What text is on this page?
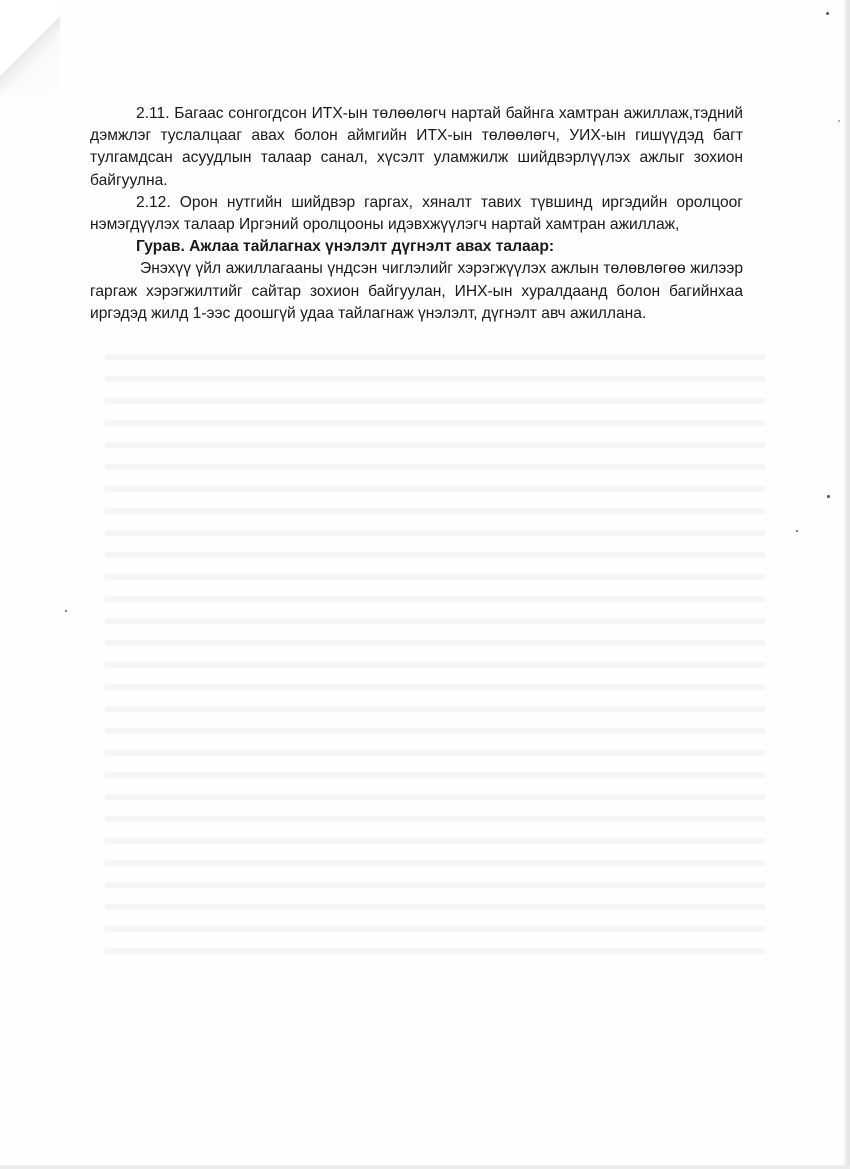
2.11. Багаас сонгогдсон ИТХ-ын төлөөлөгч нартай байнга хамтран ажиллаж,тэдний дэмжлэг туслалцааг авах болон аймгийн ИТХ-ын төлөөлөгч, УИХ-ын гишүүдэд багт тулгамдсан асуудлын талаар санал, хүсэлт уламжилж шийдвэрлүүлэх ажлыг зохион байгуулна.

2.12. Орон нутгийн шийдвэр гаргах, хяналт тавих түвшинд иргэдийн оролцоог нэмэгдүүлэх талаар Иргэний оролцооны идэвхжүүлэгч нартай хамтран ажиллаж,

Гурав. Ажлаа тайлагнах үнэлэлт дүгнэлт авах талаар:

Энэхүү үйл ажиллагааны үндсэн чиглэлийг хэрэгжүүлэх ажлын төлөвлөгөө жилээр гаргаж хэрэгжилтийг сайтар зохион байгуулан, ИНХ-ын хуралдаанд болон багийнхаа иргэдэд жилд 1-ээс доошгүй удаа тайлагнаж үнэлэлт, дүгнэлт авч ажиллана.
